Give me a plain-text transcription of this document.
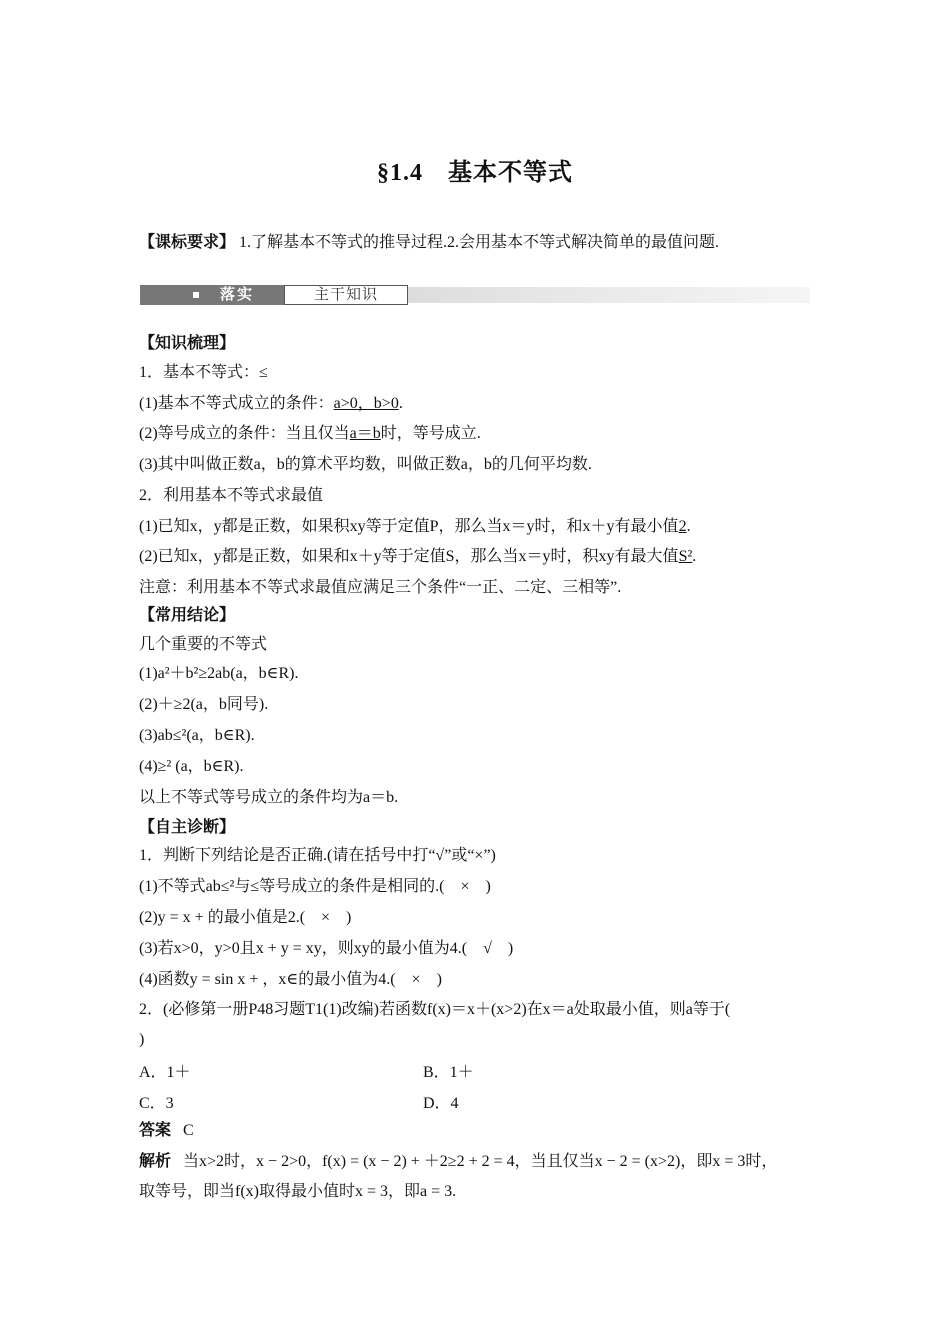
§1.4　基本不等式
【课标要求】 1.了解基本不等式的推导过程.2.会用基本不等式解决简单的最值问题.
落实	主干知识
【知识梳理】
1．基本不等式：≤
(1)基本不等式成立的条件：a>0，b>0.
(2)等号成立的条件：当且仅当a＝b时，等号成立.
(3)其中叫做正数a，b的算术平均数，叫做正数a，b的几何平均数.
2．利用基本不等式求最值
(1)已知x，y都是正数，如果积xy等于定值P，那么当x＝y时，和x＋y有最小值2.
(2)已知x，y都是正数，如果和x＋y等于定值S，那么当x＝y时，积xy有最大值S².
注意：利用基本不等式求最值应满足三个条件“一正、二定、三相等”.
【常用结论】
几个重要的不等式
(1)a²＋b²≥2ab(a，b∈R).
(2)＋≥2(a，b同号).
(3)ab≤²(a，b∈R).
(4)≥² (a，b∈R).
以上不等式等号成立的条件均为a＝b.
【自主诊断】
1．判断下列结论是否正确.(请在括号中打“√”或“×”)
(1)不等式ab≤²与≤等号成立的条件是相同的.(　×　)
(2)y = x + 的最小值是2.(　×　)
(3)若x>0，y>0且x + y = xy，则xy的最小值为4.(　√　)
(4)函数y = sin x + ，x∈的最小值为4.(　×　)
2．(必修第一册P48习题T1(1)改编)若函数f(x)＝x＋(x>2)在x＝a处取最小值，则a等于(
)
A．1＋	B．1＋
C．3	D．4
答案 C
解析 当x>2时，x − 2>0，f(x) = (x − 2) + ＋2≥2 + 2 = 4，当且仅当x − 2 = (x>2)，即x = 3时，
取等号，即当f(x)取得最小值时x = 3，即a = 3.
